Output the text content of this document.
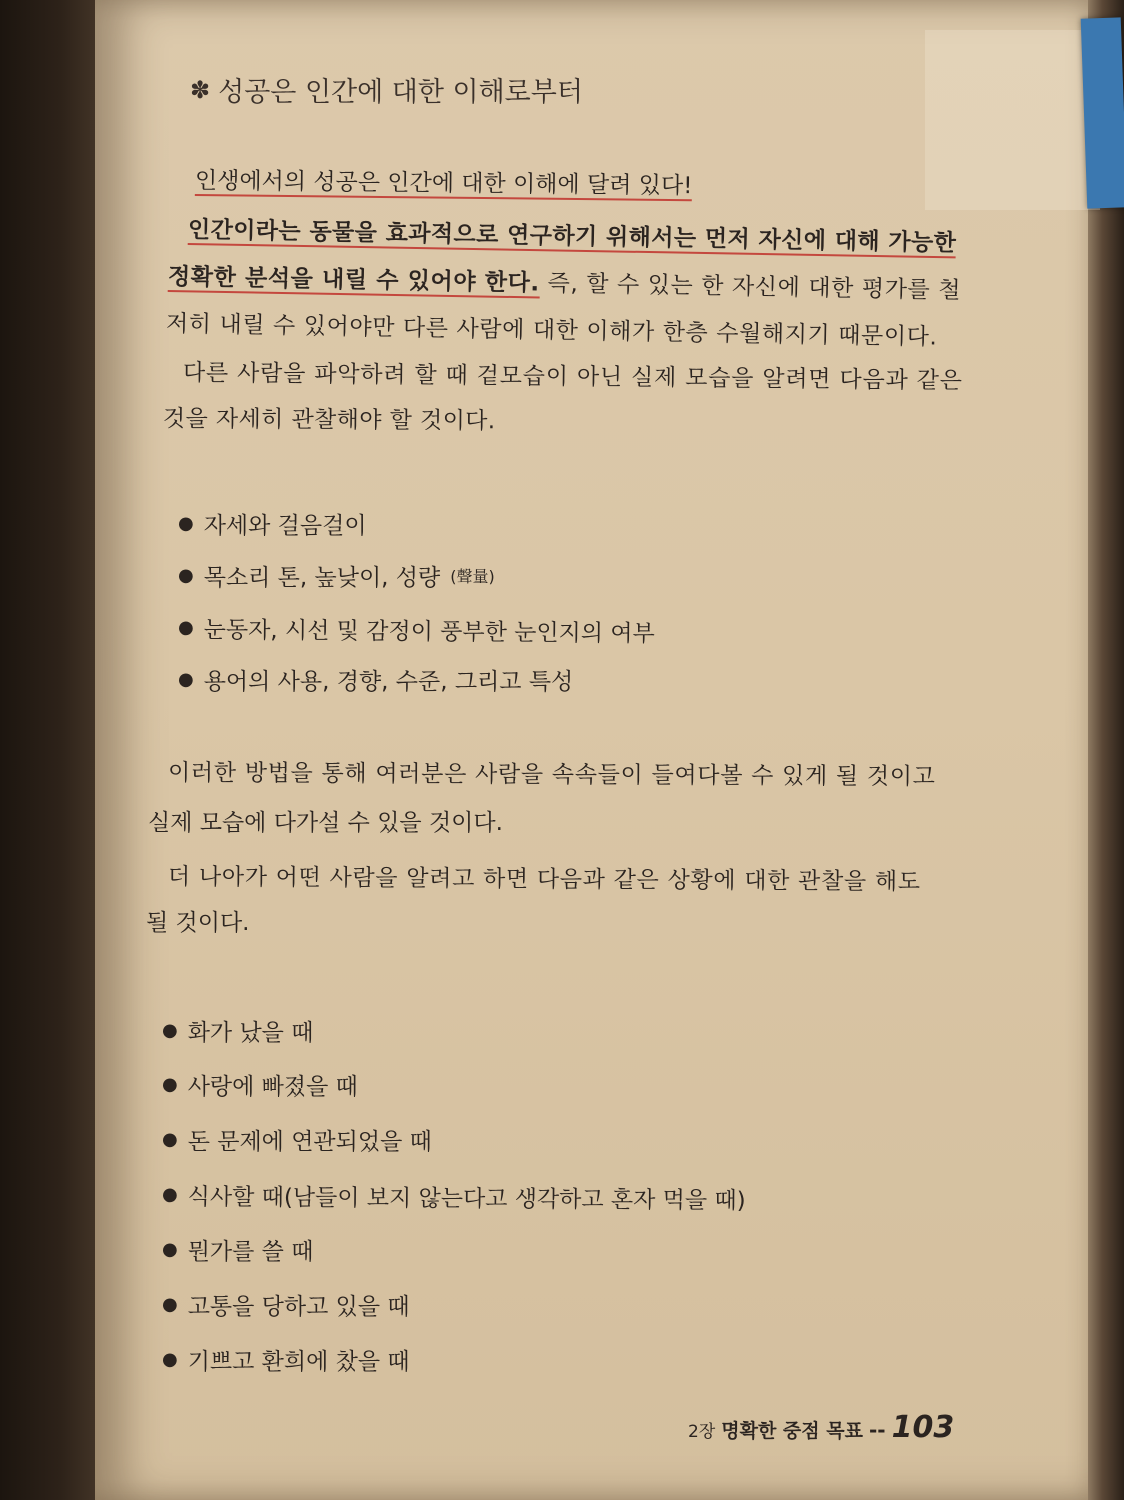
✽ 성공은 인간에 대한 이해로부터
인생에서의 성공은 인간에 대한 이해에 달려 있다!
인간이라는 동물을 효과적으로 연구하기 위해서는 먼저 자신에 대해 가능한
정확한 분석을 내릴 수 있어야 한다. 즉, 할 수 있는 한 자신에 대한 평가를 철
저히 내릴 수 있어야만 다른 사람에 대한 이해가 한층 수월해지기 때문이다.
다른 사람을 파악하려 할 때 겉모습이 아닌 실제 모습을 알려면 다음과 같은
것을 자세히 관찰해야 할 것이다.
● 자세와 걸음걸이
● 목소리 톤, 높낮이, 성량 (聲量)
● 눈동자, 시선 및 감정이 풍부한 눈인지의 여부
● 용어의 사용, 경향, 수준, 그리고 특성
이러한 방법을 통해 여러분은 사람을 속속들이 들여다볼 수 있게 될 것이고
실제 모습에 다가설 수 있을 것이다.
더 나아가 어떤 사람을 알려고 하면 다음과 같은 상황에 대한 관찰을 해도
될 것이다.
● 화가 났을 때
● 사랑에 빠졌을 때
● 돈 문제에 연관되었을 때
● 식사할 때(남들이 보지 않는다고 생각하고 혼자 먹을 때)
● 뭔가를 쓸 때
● 고통을 당하고 있을 때
● 기쁘고 환희에 찼을 때
2장 명확한 중점 목표 -- 103
